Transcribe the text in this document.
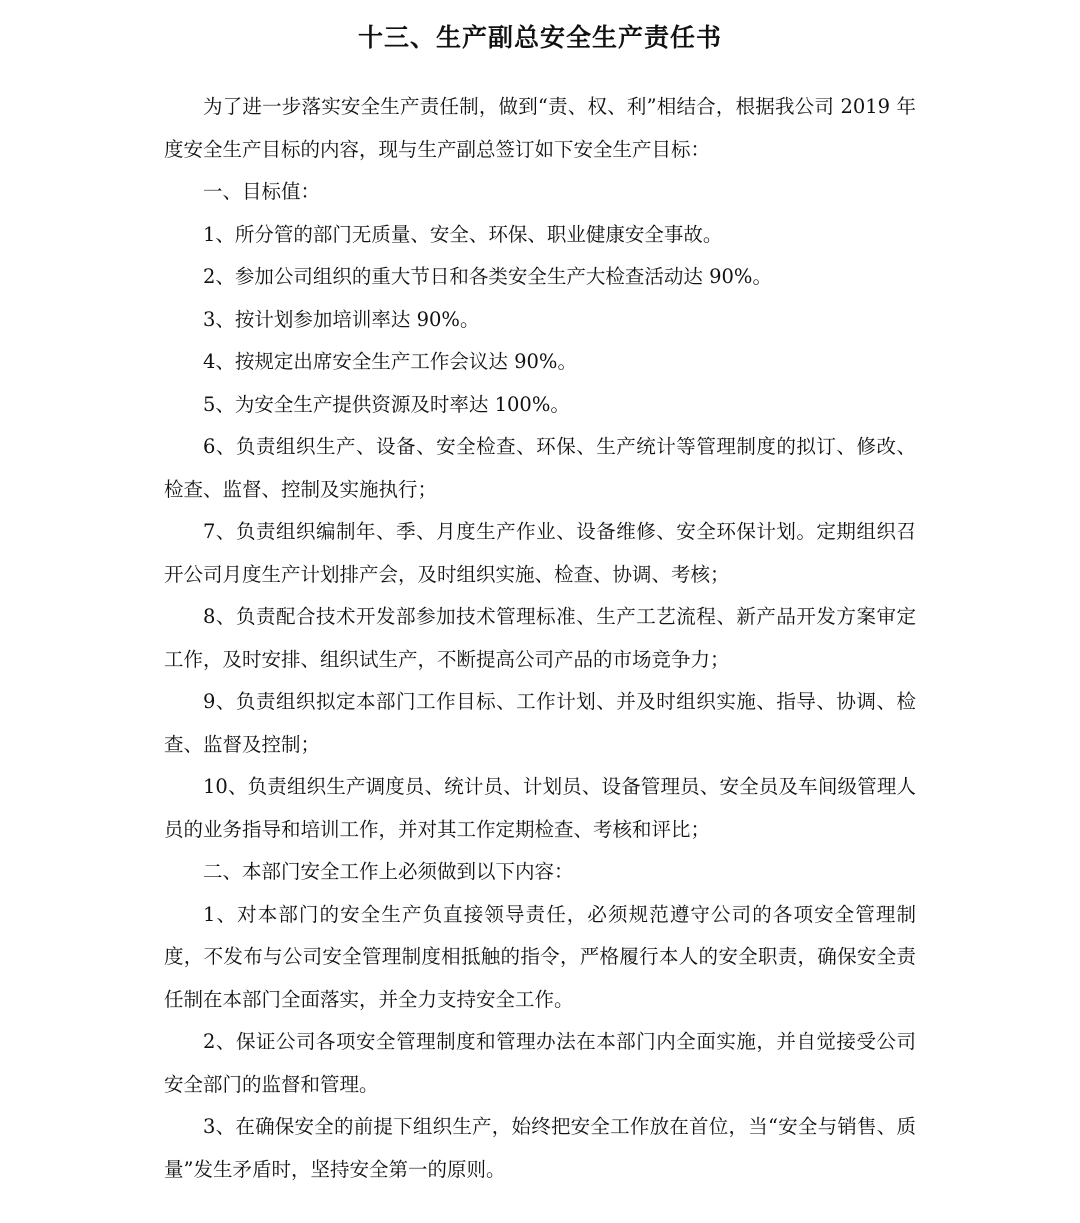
十三、生产副总安全生产责任书

为了进一步落实安全生产责任制，做到“责、权、利”相结合，根据我公司 2019 年度安全生产目标的内容，现与生产副总签订如下安全生产目标：

一、目标值：

1、所分管的部门无质量、安全、环保、职业健康安全事故。

2、参加公司组织的重大节日和各类安全生产大检查活动达 90%。

3、按计划参加培训率达 90%。

4、按规定出席安全生产工作会议达 90%。

5、为安全生产提供资源及时率达 100%。

6、负责组织生产、设备、安全检查、环保、生产统计等管理制度的拟订、修改、检查、监督、控制及实施执行；

7、负责组织编制年、季、月度生产作业、设备维修、安全环保计划。定期组织召开公司月度生产计划排产会，及时组织实施、检查、协调、考核；

8、负责配合技术开发部参加技术管理标准、生产工艺流程、新产品开发方案审定工作，及时安排、组织试生产，不断提高公司产品的市场竞争力；

9、负责组织拟定本部门工作目标、工作计划、并及时组织实施、指导、协调、检查、监督及控制；

10、负责组织生产调度员、统计员、计划员、设备管理员、安全员及车间级管理人员的业务指导和培训工作，并对其工作定期检查、考核和评比；

二、本部门安全工作上必须做到以下内容：

1、对本部门的安全生产负直接领导责任，必须规范遵守公司的各项安全管理制度，不发布与公司安全管理制度相抵触的指令，严格履行本人的安全职责，确保安全责任制在本部门全面落实，并全力支持安全工作。

2、保证公司各项安全管理制度和管理办法在本部门内全面实施，并自觉接受公司安全部门的监督和管理。

3、在确保安全的前提下组织生产，始终把安全工作放在首位，当“安全与销售、质量”发生矛盾时，坚持安全第一的原则。
